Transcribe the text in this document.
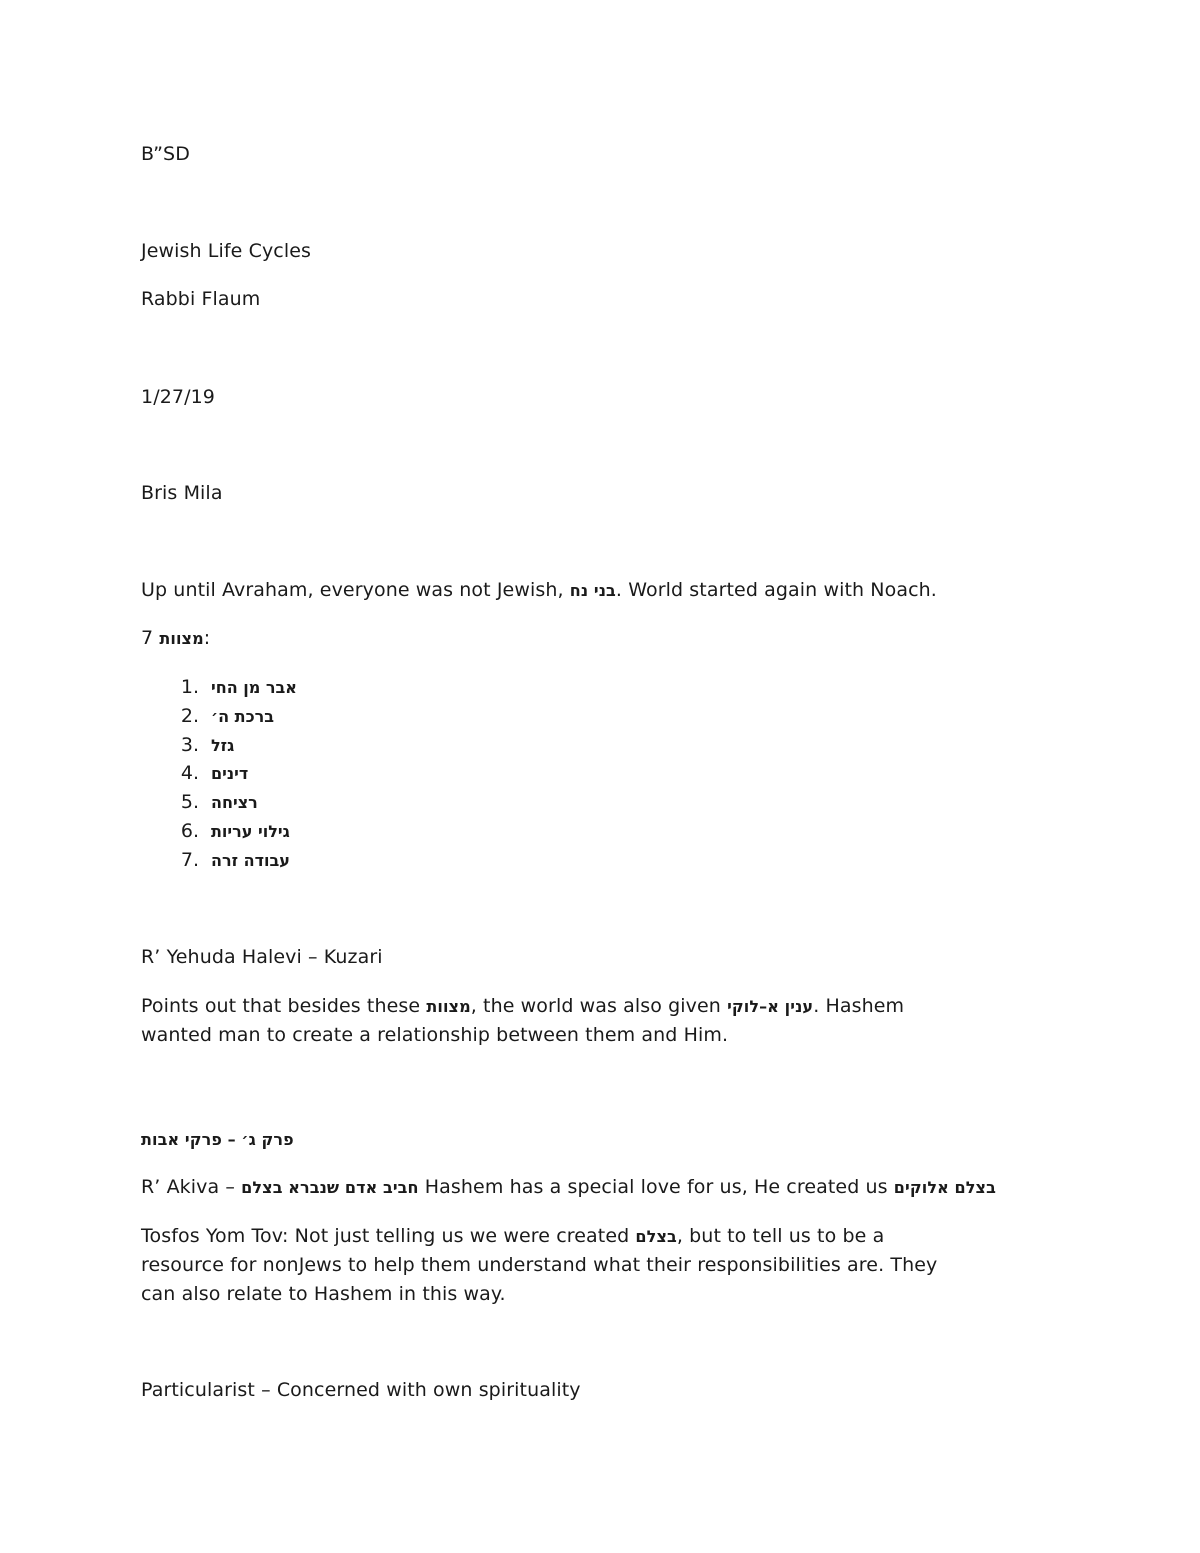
B”SD
Jewish Life Cycles
Rabbi Flaum
1/27/19
Bris Mila
Up until Avraham, everyone was not Jewish, בני נח. World started again with Noach.
7 מצוות:
1. אבר מן החי
2. ברכת ה׳
3. גזל
4. דינים
5. רציחה
6. גילוי עריות
7. עבודה זרה
R’ Yehuda Halevi – Kuzari
Points out that besides these מצוות, the world was also given ענין א–לוקי. Hashem
wanted man to create a relationship between them and Him.
פרק ג׳ – פרקי אבות
R’ Akiva – חביב אדם שנברא בצלם Hashem has a special love for us, He created us בצלם אלוקים
Tosfos Yom Tov: Not just telling us we were created בצלם, but to tell us to be a
resource for nonJews to help them understand what their responsibilities are. They
can also relate to Hashem in this way.
Particularist – Concerned with own spirituality
